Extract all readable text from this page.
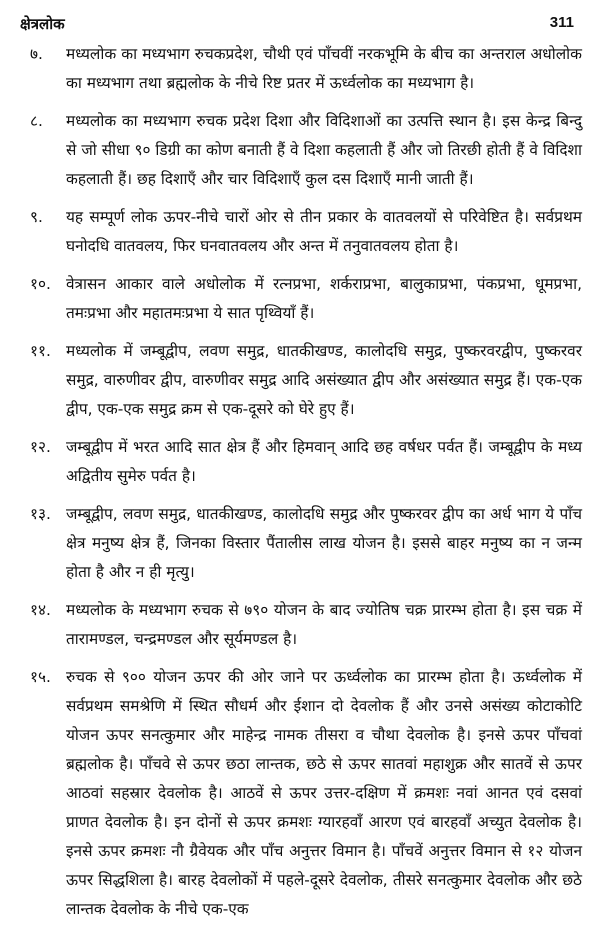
क्षेत्रलोक	311
७.	मध्यलोक का मध्यभाग रुचकप्रदेश, चौथी एवं पाँचवीं नरकभूमि के बीच का अन्तराल अधोलोक का मध्यभाग तथा ब्रह्मलोक के नीचे रिष्ट प्रतर में ऊर्ध्वलोक का मध्यभाग है।
८.	मध्यलोक का मध्यभाग रुचक प्रदेश दिशा और विदिशाओं का उत्पत्ति स्थान है। इस केन्द्र बिन्दु से जो सीधा ९० डिग्री का कोण बनाती हैं वे दिशा कहलाती हैं और जो तिरछी होती हैं वे विदिशा कहलाती हैं। छह दिशाएँ और चार विदिशाएँ कुल दस दिशाएँ मानी जाती हैं।
९.	यह सम्पूर्ण लोक ऊपर-नीचे चारों ओर से तीन प्रकार के वातवलयों से परिवेष्टित है। सर्वप्रथम घनोदधि वातवलय, फिर घनवातवलय और अन्त में तनुवातवलय होता है।
१०. वेत्रासन आकार वाले अधोलोक में रत्नप्रभा, शर्कराप्रभा, बालुकाप्रभा, पंकप्रभा, धूमप्रभा, तमःप्रभा और महातमःप्रभा ये सात पृथ्वियाँ हैं।
११. मध्यलोक में जम्बूद्वीप, लवण समुद्र, धातकीखण्ड, कालोदधि समुद्र, पुष्करवरद्वीप, पुष्करवर समुद्र, वारुणीवर द्वीप, वारुणीवर समुद्र आदि असंख्यात द्वीप और असंख्यात समुद्र हैं। एक-एक द्वीप, एक-एक समुद्र क्रम से एक-दूसरे को घेरे हुए हैं।
१२. जम्बूद्वीप में भरत आदि सात क्षेत्र हैं और हिमवान् आदि छह वर्षधर पर्वत हैं। जम्बूद्वीप के मध्य अद्वितीय सुमेरु पर्वत है।
१३. जम्बूद्वीप, लवण समुद्र, धातकीखण्ड, कालोदधि समुद्र और पुष्करवर द्वीप का अर्ध भाग ये पाँच क्षेत्र मनुष्य क्षेत्र हैं, जिनका विस्तार पैंतालीस लाख योजन है। इससे बाहर मनुष्य का न जन्म होता है और न ही मृत्यु।
१४. मध्यलोक के मध्यभाग रुचक से ७९० योजन के बाद ज्योतिष चक्र प्रारम्भ होता है। इस चक्र में तारामण्डल, चन्द्रमण्डल और सूर्यमण्डल है।
१५. रुचक से ९०० योजन ऊपर की ओर जाने पर ऊर्ध्वलोक का प्रारम्भ होता है। ऊर्ध्वलोक में सर्वप्रथम समश्रेणि में स्थित सौधर्म और ईशान दो देवलोक हैं और उनसे असंख्य कोटाकोटि योजन ऊपर सनत्कुमार और माहेन्द्र नामक तीसरा व चौथा देवलोक है। इनसे ऊपर पाँचवां ब्रह्मलोक है। पाँचवे से ऊपर छठा लान्तक, छठे से ऊपर सातवां महाशुक्र और सातवें से ऊपर आठवां सहस्रार देवलोक है। आठवें से ऊपर उत्तर-दक्षिण में क्रमशः नवां आनत एवं दसवां प्राणत देवलोक है। इन दोनों से ऊपर क्रमशः ग्यारहवाँ आरण एवं बारहवाँ अच्युत देवलोक है। इनसे ऊपर क्रमशः नौ ग्रैवेयक और पाँच अनुत्तर विमान है। पाँचवें अनुत्तर विमान से १२ योजन ऊपर सिद्धशिला है। बारह देवलोकों में पहले-दूसरे देवलोक, तीसरे सनत्कुमार देवलोक और छठे लान्तक देवलोक के नीचे एक-एक
